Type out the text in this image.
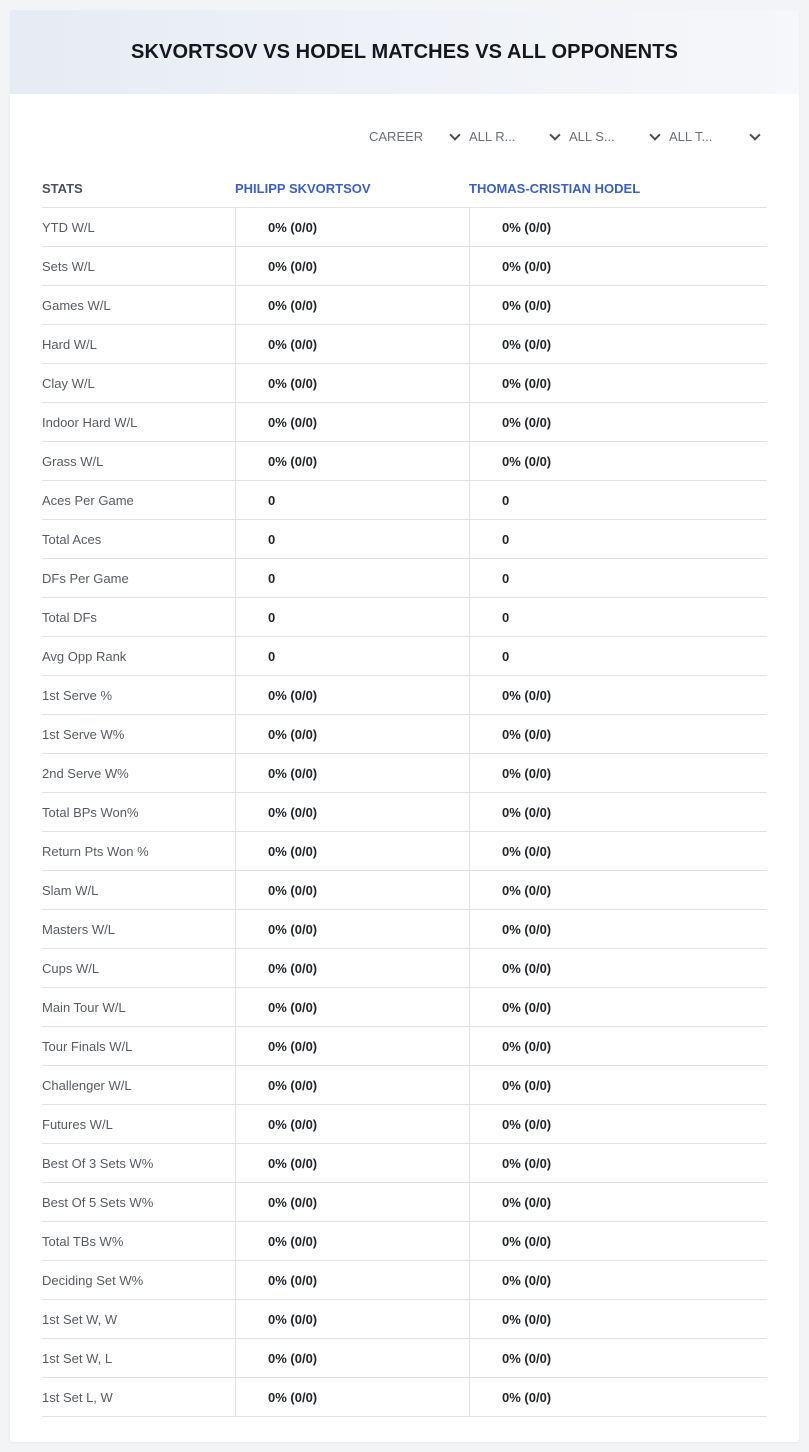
SKVORTSOV VS HODEL MATCHES VS ALL OPPONENTS
CAREER	ALL R...	ALL S...	ALL T...
STATS	PHILIPP SKVORTSOV	THOMAS-CRISTIAN HODEL
YTD W/L	0% (0/0)	0% (0/0)
Sets W/L	0% (0/0)	0% (0/0)
Games W/L	0% (0/0)	0% (0/0)
Hard W/L	0% (0/0)	0% (0/0)
Clay W/L	0% (0/0)	0% (0/0)
Indoor Hard W/L	0% (0/0)	0% (0/0)
Grass W/L	0% (0/0)	0% (0/0)
Aces Per Game	0	0
Total Aces	0	0
DFs Per Game	0	0
Total DFs	0	0
Avg Opp Rank	0	0
1st Serve %	0% (0/0)	0% (0/0)
1st Serve W%	0% (0/0)	0% (0/0)
2nd Serve W%	0% (0/0)	0% (0/0)
Total BPs Won%	0% (0/0)	0% (0/0)
Return Pts Won %	0% (0/0)	0% (0/0)
Slam W/L	0% (0/0)	0% (0/0)
Masters W/L	0% (0/0)	0% (0/0)
Cups W/L	0% (0/0)	0% (0/0)
Main Tour W/L	0% (0/0)	0% (0/0)
Tour Finals W/L	0% (0/0)	0% (0/0)
Challenger W/L	0% (0/0)	0% (0/0)
Futures W/L	0% (0/0)	0% (0/0)
Best Of 3 Sets W%	0% (0/0)	0% (0/0)
Best Of 5 Sets W%	0% (0/0)	0% (0/0)
Total TBs W%	0% (0/0)	0% (0/0)
Deciding Set W%	0% (0/0)	0% (0/0)
1st Set W, W	0% (0/0)	0% (0/0)
1st Set W, L	0% (0/0)	0% (0/0)
1st Set L, W	0% (0/0)	0% (0/0)
